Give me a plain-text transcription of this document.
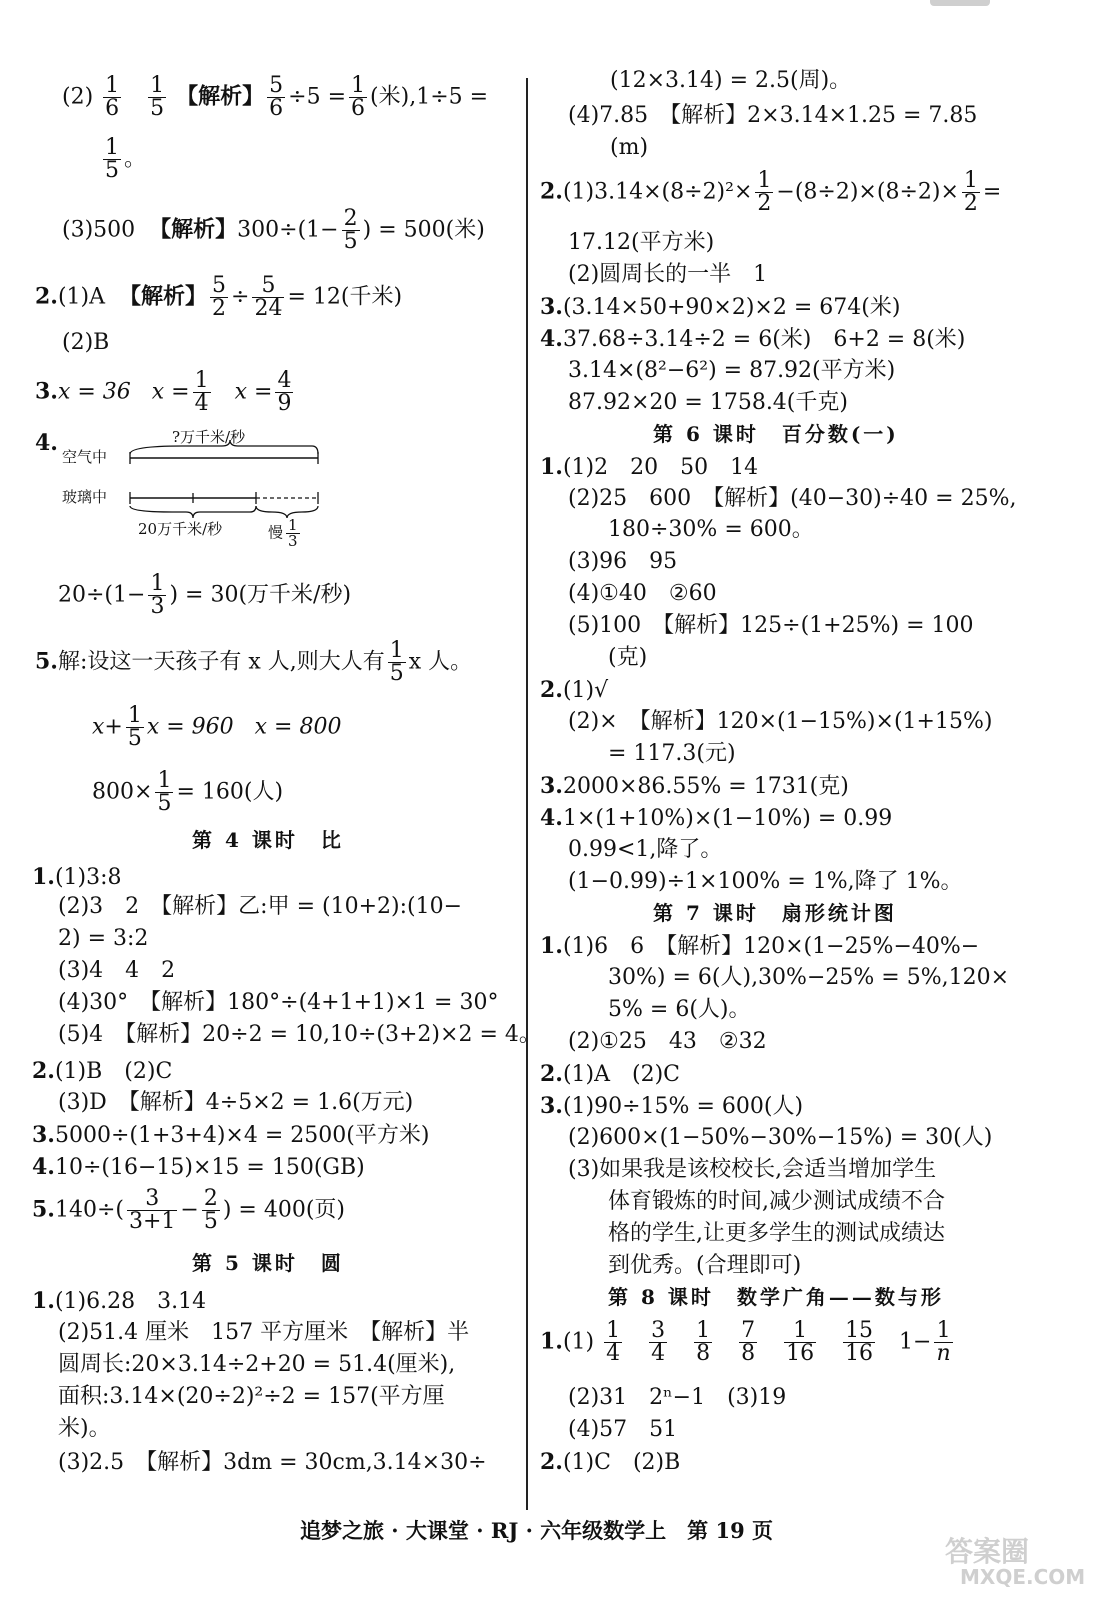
$(2) \frac{1}{6}$
$\frac{1}{5}$ 【解析】 $\frac{5}{6} \div 5 = \frac{1}{6}$ (米),1÷5 =
$\frac{1}{5}$ 。
(3)500 【解析】$300\div(1- \frac{2}{5}$ ) = 500(米)
2.(1)A 【解析】 $\frac{5}{2} \div \frac{5}{24} = 12$(千米)
(2)B
3.x = 36 $x = \frac{1}{4}$ $x = \frac{4}{9}$
4.	?万千米/秒
空气中
玻璃中
20万千米/秒	慢 $\frac{1}{3}$
$20\div(1- \frac{1}{3}$ ) = 30(万千米/秒)
5.解:设这一天孩子有 x 人,则大人有 $\frac{1}{5}$ x 人。
$x+ \frac{1}{5}$ x = 960 x = 800
$800\times \frac{1}{5} = 160$(人)
第 4 课时　比
1.(1)3:8
(2)3　2　【解析】乙:甲 = (10+2):(10−
2) = 3:2
(3)4　4　2
(4)30°　【解析】180°÷(4+1+1)×1 = 30°
(5)4　【解析】20÷2 = 10,10÷(3+2)×2 = 4。
2.(1)B　(2)C
(3)D　【解析】4÷5×2 = 1.6(万元)
3.5000÷(1+3+4)×4 = 2500(平方米)
4.10÷(16−15)×15 = 150(GB)
$5.140\div( \frac{3}{3+1} - \frac{2}{5}$ ) = 400(页)
第 5 课时　圆
1.(1)6.28　3.14
(2)51.4 厘米　157 平方厘米　【解析】半
圆周长:20×3.14÷2+20 = 51.4(厘米),
面积:3.14×(20÷2)²÷2 = 157(平方厘
米)。
(3)2.5　【解析】3dm = 30cm,3.14×30÷
(12×3.14) = 2.5(周)。
(4)7.85　【解析】2×3.14×1.25 = 7.85
(m)
$2.(1)3.14\times(8\div 2)^2\times \frac{1}{2} -(8\div 2)\times(8\div 2)\times \frac{1}{2}$ =
17.12(平方米)
(2)圆周长的一半　1
3.(3.14×50+90×2)×2 = 674(米)
4.37.68÷3.14÷2 = 6(米)　6+2 = 8(米)
3.14×(8²−6²) = 87.92(平方米)
87.92×20 = 1758.4(千克)
第 6 课时　百分数(一)
1.(1)2　20　50　14
(2)25　600　【解析】(40−30)÷40 = 25%,
180÷30% = 600。
(3)96　95
(4)①40　②60
(5)100　【解析】125÷(1+25%) = 100
(克)
2.(1)√
(2)×　【解析】120×(1−15%)×(1+15%)
= 117.3(元)
3.2000×86.55% = 1731(克)
4.1×(1+10%)×(1−10%) = 0.99
0.99<1,降了。
(1−0.99)÷1×100% = 1%,降了 1%。
第 7 课时　扇形统计图
1.(1)6　6　【解析】120×(1−25%−40%−
30%) = 6(人),30%−25% = 5%,120×
5% = 6(人)。
(2)①25　43　②32
2.(1)A　(2)C
3.(1)90÷15% = 600(人)
(2)600×(1−50%−30%−15%) = 30(人)
(3)如果我是该校校长,会适当增加学生
体育锻炼的时间,减少测试成绩不合
格的学生,让更多学生的测试成绩达
到优秀。(合理即可)
第 8 课时　数学广角——数与形
$1.(1) \frac{1}{4}$
$\frac{3}{4}$
$\frac{1}{8}$
$\frac{7}{8}$
$\frac{1}{16}$
$\frac{15}{16} 1- \frac{1}{n}$
(2)31　2ⁿ−1　(3)19
(4)57　51
2.(1)C　(2)B
追梦之旅 · 大课堂 · RJ · 六年级数学上　第 19 页
答案圈
MXQE.COM
